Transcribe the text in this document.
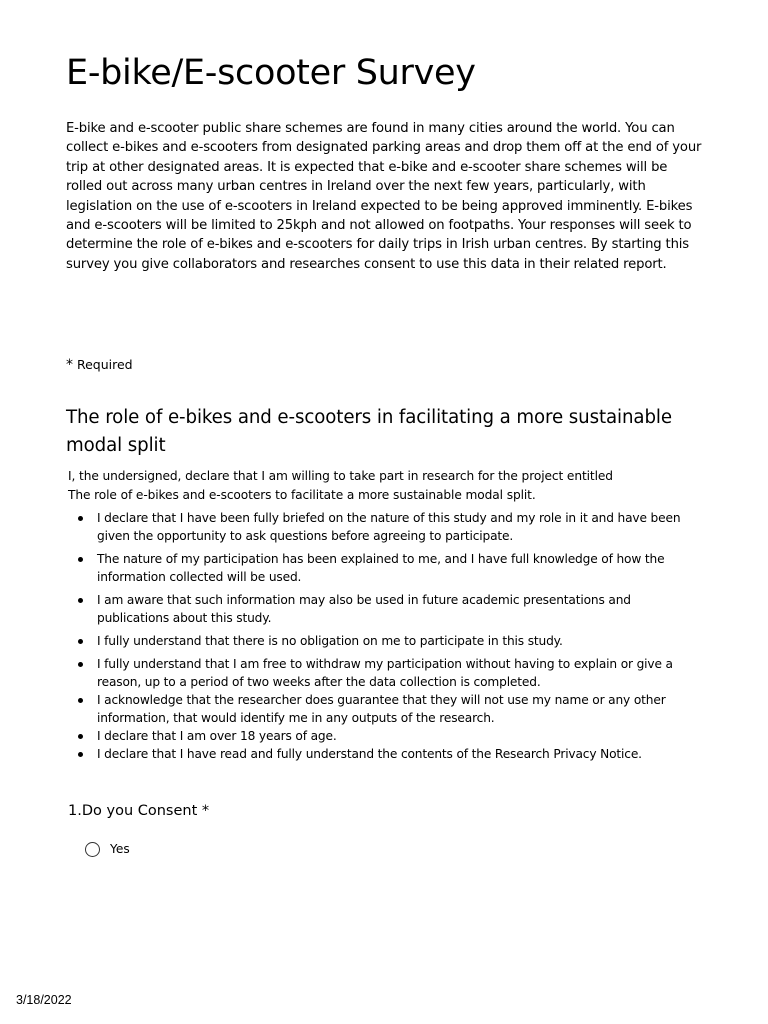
E-bike/E-scooter Survey

E-bike and e-scooter public share schemes are found in many cities around the world. You can collect e-bikes and e-scooters from designated parking areas and drop them off at the end of your trip at other designated areas. It is expected that e-bike and e-scooter share schemes will be rolled out across many urban centres in Ireland over the next few years, particularly, with legislation on the use of e-scooters in Ireland expected to be being approved imminently. E-bikes and e-scooters will be limited to 25kph and not allowed on footpaths. Your responses will seek to determine the role of e-bikes and e-scooters for daily trips in Irish urban centres. By starting this survey you give collaborators and researches consent to use this data in their related report.

* Required
The role of e-bikes and e-scooters in facilitating a more sustainable modal split
I, the undersigned, declare that I am willing to take part in research for the project entitled
The role of e-bikes and e-scooters to facilitate a more sustainable modal split.
I declare that I have been fully briefed on the nature of this study and my role in it and have been given the opportunity to ask questions before agreeing to participate.
The nature of my participation has been explained to me, and I have full knowledge of how the information collected will be used.
I am aware that such information may also be used in future academic presentations and publications about this study.
I fully understand that there is no obligation on me to participate in this study.
I fully understand that I am free to withdraw my participation without having to explain or give a reason, up to a period of two weeks after the data collection is completed.
I acknowledge that the researcher does guarantee that they will not use my name or any other information, that would identify me in any outputs of the research.
I declare that I am over 18 years of age.
I declare that I have read and fully understand the contents of the Research Privacy Notice.
1.Do you Consent *
Yes
3/18/2022
